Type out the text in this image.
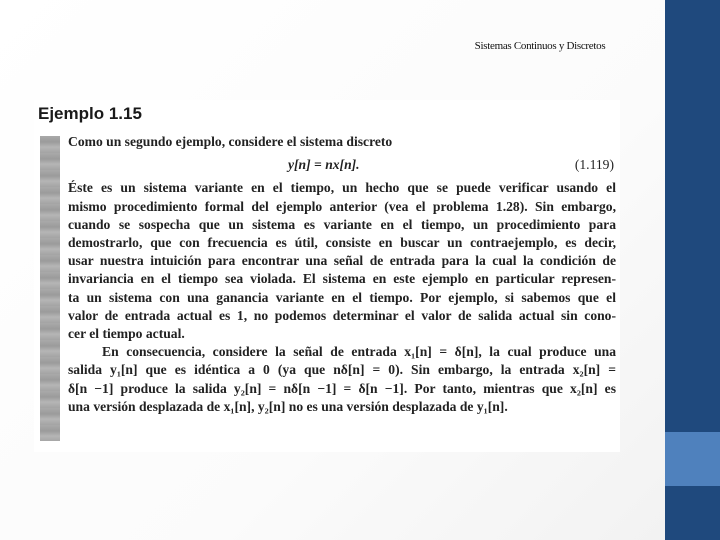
Sistemas Continuos y Discretos
Ejemplo 1.15

Como un segundo ejemplo, considere el sistema discreto

y[n] = nx[n].	(1.119)
Éste es un sistema variante en el tiempo, un hecho que se puede verificar usando el
mismo procedimiento formal del ejemplo anterior (vea el problema 1.28). Sin embargo,
cuando se sospecha que un sistema es variante en el tiempo, un procedimiento para
demostrarlo, que con frecuencia es útil, consiste en buscar un contraejemplo, es decir,
usar nuestra intuición para encontrar una señal de entrada para la cual la condición de
invariancia en el tiempo sea violada. El sistema en este ejemplo en particular represen-
ta un sistema con una ganancia variante en el tiempo. Por ejemplo, si sabemos que el
valor de entrada actual es 1, no podemos determinar el valor de salida actual sin cono-
cer el tiempo actual.
En consecuencia, considere la señal de entrada x₁[n] = δ[n], la cual produce una
salida y₁[n] que es idéntica a 0 (ya que nδ[n] = 0). Sin embargo, la entrada x₂[n] =
δ[n −1] produce la salida y₂[n] = nδ[n −1] = δ[n −1]. Por tanto, mientras que x₂[n] es
una versión desplazada de x₁[n], y₂[n] no es una versión desplazada de y₁[n].
